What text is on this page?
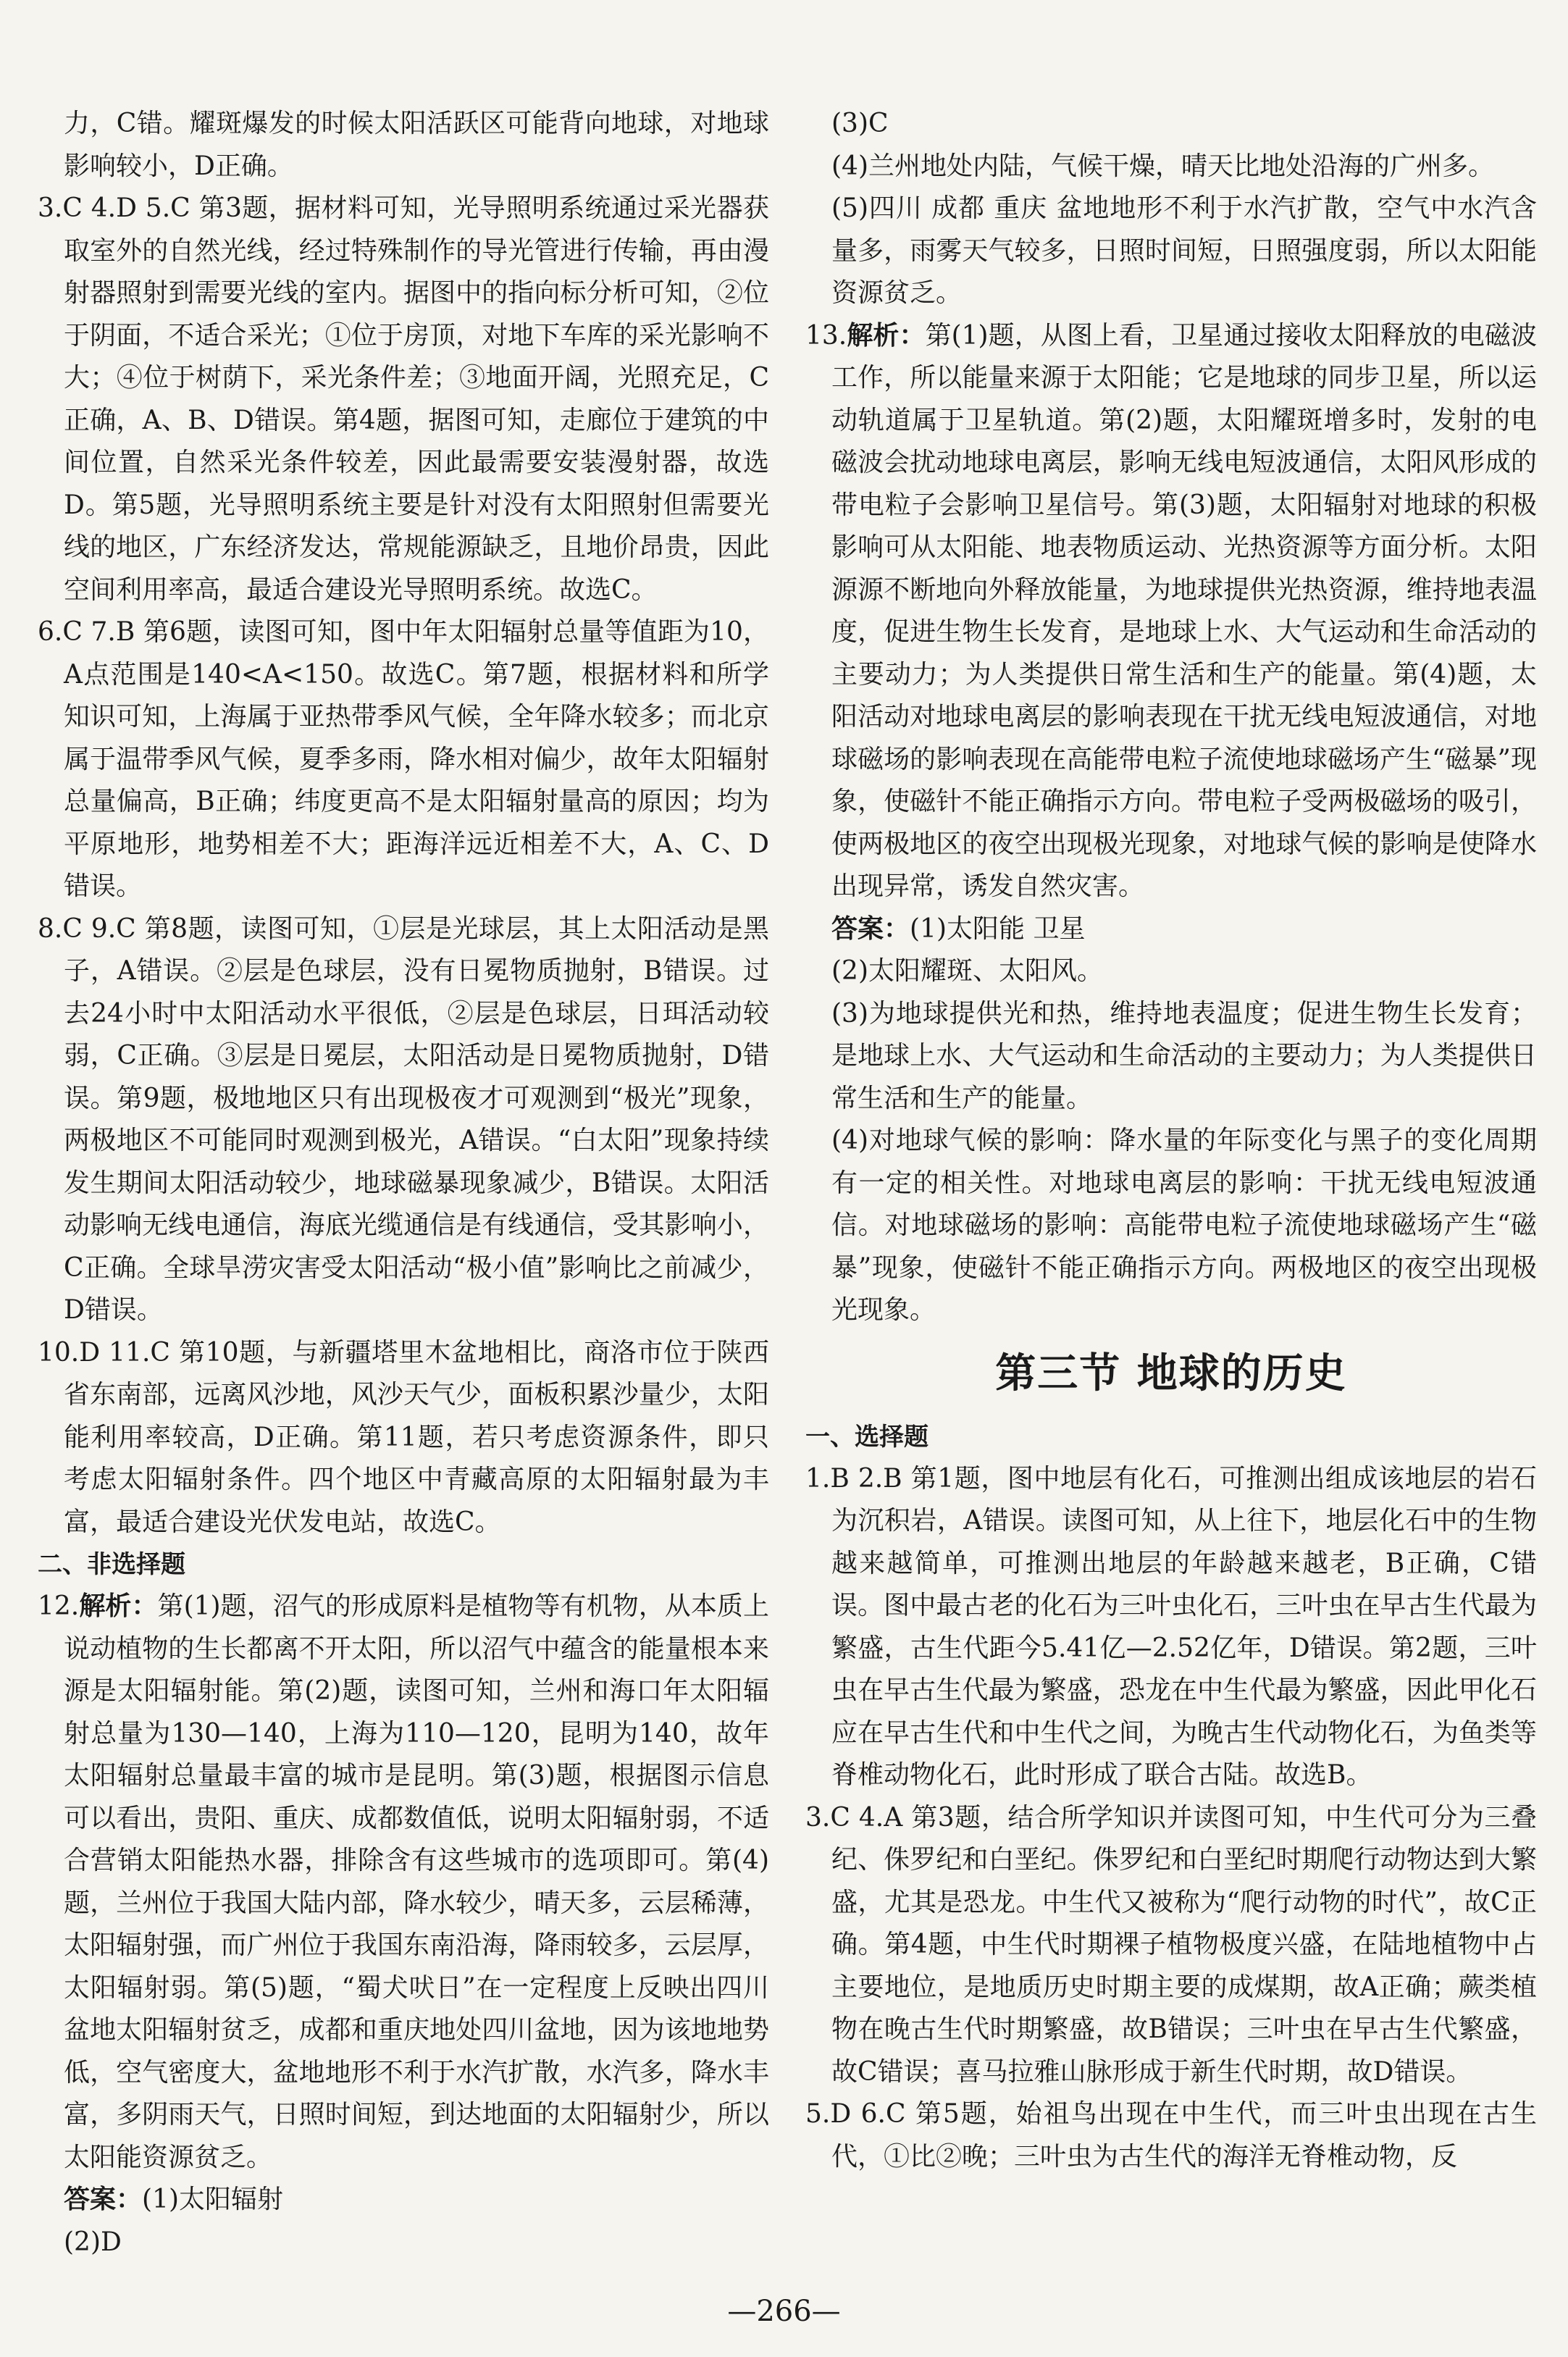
力，C错。耀斑爆发的时候太阳活跃区可能背向地球，对地球影响较小，D正确。

3.C 4.D 5.C 第3题，据材料可知，光导照明系统通过采光器获取室外的自然光线，经过特殊制作的导光管进行传输，再由漫射器照射到需要光线的室内。据图中的指向标分析可知，②位于阴面，不适合采光；①位于房顶，对地下车库的采光影响不大；④位于树荫下，采光条件差；③地面开阔，光照充足，C正确，A、B、D错误。第4题，据图可知，走廊位于建筑的中间位置，自然采光条件较差，因此最需要安装漫射器，故选D。第5题，光导照明系统主要是针对没有太阳照射但需要光线的地区，广东经济发达，常规能源缺乏，且地价昂贵，因此空间利用率高，最适合建设光导照明系统。故选C。

6.C 7.B 第6题，读图可知，图中年太阳辐射总量等值距为10，A点范围是140<A<150。故选C。第7题，根据材料和所学知识可知，上海属于亚热带季风气候，全年降水较多；而北京属于温带季风气候，夏季多雨，降水相对偏少，故年太阳辐射总量偏高，B正确；纬度更高不是太阳辐射量高的原因；均为平原地形，地势相差不大；距海洋远近相差不大，A、C、D错误。

8.C 9.C 第8题，读图可知，①层是光球层，其上太阳活动是黑子，A错误。②层是色球层，没有日冕物质抛射，B错误。过去24小时中太阳活动水平很低，②层是色球层，日珥活动较弱，C正确。③层是日冕层，太阳活动是日冕物质抛射，D错误。第9题，极地地区只有出现极夜才可观测到“极光”现象，两极地区不可能同时观测到极光，A错误。“白太阳”现象持续发生期间太阳活动较少，地球磁暴现象减少，B错误。太阳活动影响无线电通信，海底光缆通信是有线通信，受其影响小，C正确。全球旱涝灾害受太阳活动“极小值”影响比之前减少，D错误。

10.D 11.C 第10题，与新疆塔里木盆地相比，商洛市位于陕西省东南部，远离风沙地，风沙天气少，面板积累沙量少，太阳能利用率较高，D正确。第11题，若只考虑资源条件，即只考虑太阳辐射条件。四个地区中青藏高原的太阳辐射最为丰富，最适合建设光伏发电站，故选C。

二、非选择题

12.解析：第(1)题，沼气的形成原料是植物等有机物，从本质上说动植物的生长都离不开太阳，所以沼气中蕴含的能量根本来源是太阳辐射能。第(2)题，读图可知，兰州和海口年太阳辐射总量为130—140，上海为110—120，昆明为140，故年太阳辐射总量最丰富的城市是昆明。第(3)题，根据图示信息可以看出，贵阳、重庆、成都数值低，说明太阳辐射弱，不适合营销太阳能热水器，排除含有这些城市的选项即可。第(4)题，兰州位于我国大陆内部，降水较少，晴天多，云层稀薄，太阳辐射强，而广州位于我国东南沿海，降雨较多，云层厚，太阳辐射弱。第(5)题，“蜀犬吠日”在一定程度上反映出四川盆地太阳辐射贫乏，成都和重庆地处四川盆地，因为该地地势低，空气密度大，盆地地形不利于水汽扩散，水汽多，降水丰富，多阴雨天气，日照时间短，到达地面的太阳辐射少，所以太阳能资源贫乏。

答案：(1)太阳辐射

(2)D

(3)C

(4)兰州地处内陆，气候干燥，晴天比地处沿海的广州多。

(5)四川 成都 重庆 盆地地形不利于水汽扩散，空气中水汽含量多，雨雾天气较多，日照时间短，日照强度弱，所以太阳能资源贫乏。

13.解析：第(1)题，从图上看，卫星通过接收太阳释放的电磁波工作，所以能量来源于太阳能；它是地球的同步卫星，所以运动轨道属于卫星轨道。第(2)题，太阳耀斑增多时，发射的电磁波会扰动地球电离层，影响无线电短波通信，太阳风形成的带电粒子会影响卫星信号。第(3)题，太阳辐射对地球的积极影响可从太阳能、地表物质运动、光热资源等方面分析。太阳源源不断地向外释放能量，为地球提供光热资源，维持地表温度，促进生物生长发育，是地球上水、大气运动和生命活动的主要动力；为人类提供日常生活和生产的能量。第(4)题，太阳活动对地球电离层的影响表现在干扰无线电短波通信，对地球磁场的影响表现在高能带电粒子流使地球磁场产生“磁暴”现象，使磁针不能正确指示方向。带电粒子受两极磁场的吸引，使两极地区的夜空出现极光现象，对地球气候的影响是使降水出现异常，诱发自然灾害。

答案：(1)太阳能 卫星

(2)太阳耀斑、太阳风。

(3)为地球提供光和热，维持地表温度；促进生物生长发育；是地球上水、大气运动和生命活动的主要动力；为人类提供日常生活和生产的能量。

(4)对地球气候的影响：降水量的年际变化与黑子的变化周期有一定的相关性。对地球电离层的影响：干扰无线电短波通信。对地球磁场的影响：高能带电粒子流使地球磁场产生“磁暴”现象，使磁针不能正确指示方向。两极地区的夜空出现极光现象。

第三节 地球的历史

一、选择题

1.B 2.B 第1题，图中地层有化石，可推测出组成该地层的岩石为沉积岩，A错误。读图可知，从上往下，地层化石中的生物越来越简单，可推测出地层的年龄越来越老，B正确，C错误。图中最古老的化石为三叶虫化石，三叶虫在早古生代最为繁盛，古生代距今5.41亿—2.52亿年，D错误。第2题，三叶虫在早古生代最为繁盛，恐龙在中生代最为繁盛，因此甲化石应在早古生代和中生代之间，为晚古生代动物化石，为鱼类等脊椎动物化石，此时形成了联合古陆。故选B。

3.C 4.A 第3题，结合所学知识并读图可知，中生代可分为三叠纪、侏罗纪和白垩纪。侏罗纪和白垩纪时期爬行动物达到大繁盛，尤其是恐龙。中生代又被称为“爬行动物的时代”，故C正确。第4题，中生代时期裸子植物极度兴盛，在陆地植物中占主要地位，是地质历史时期主要的成煤期，故A正确；蕨类植物在晚古生代时期繁盛，故B错误；三叶虫在早古生代繁盛，故C错误；喜马拉雅山脉形成于新生代时期，故D错误。

5.D 6.C 第5题，始祖鸟出现在中生代，而三叶虫出现在古生代，①比②晚；三叶虫为古生代的海洋无脊椎动物，反

—266—
